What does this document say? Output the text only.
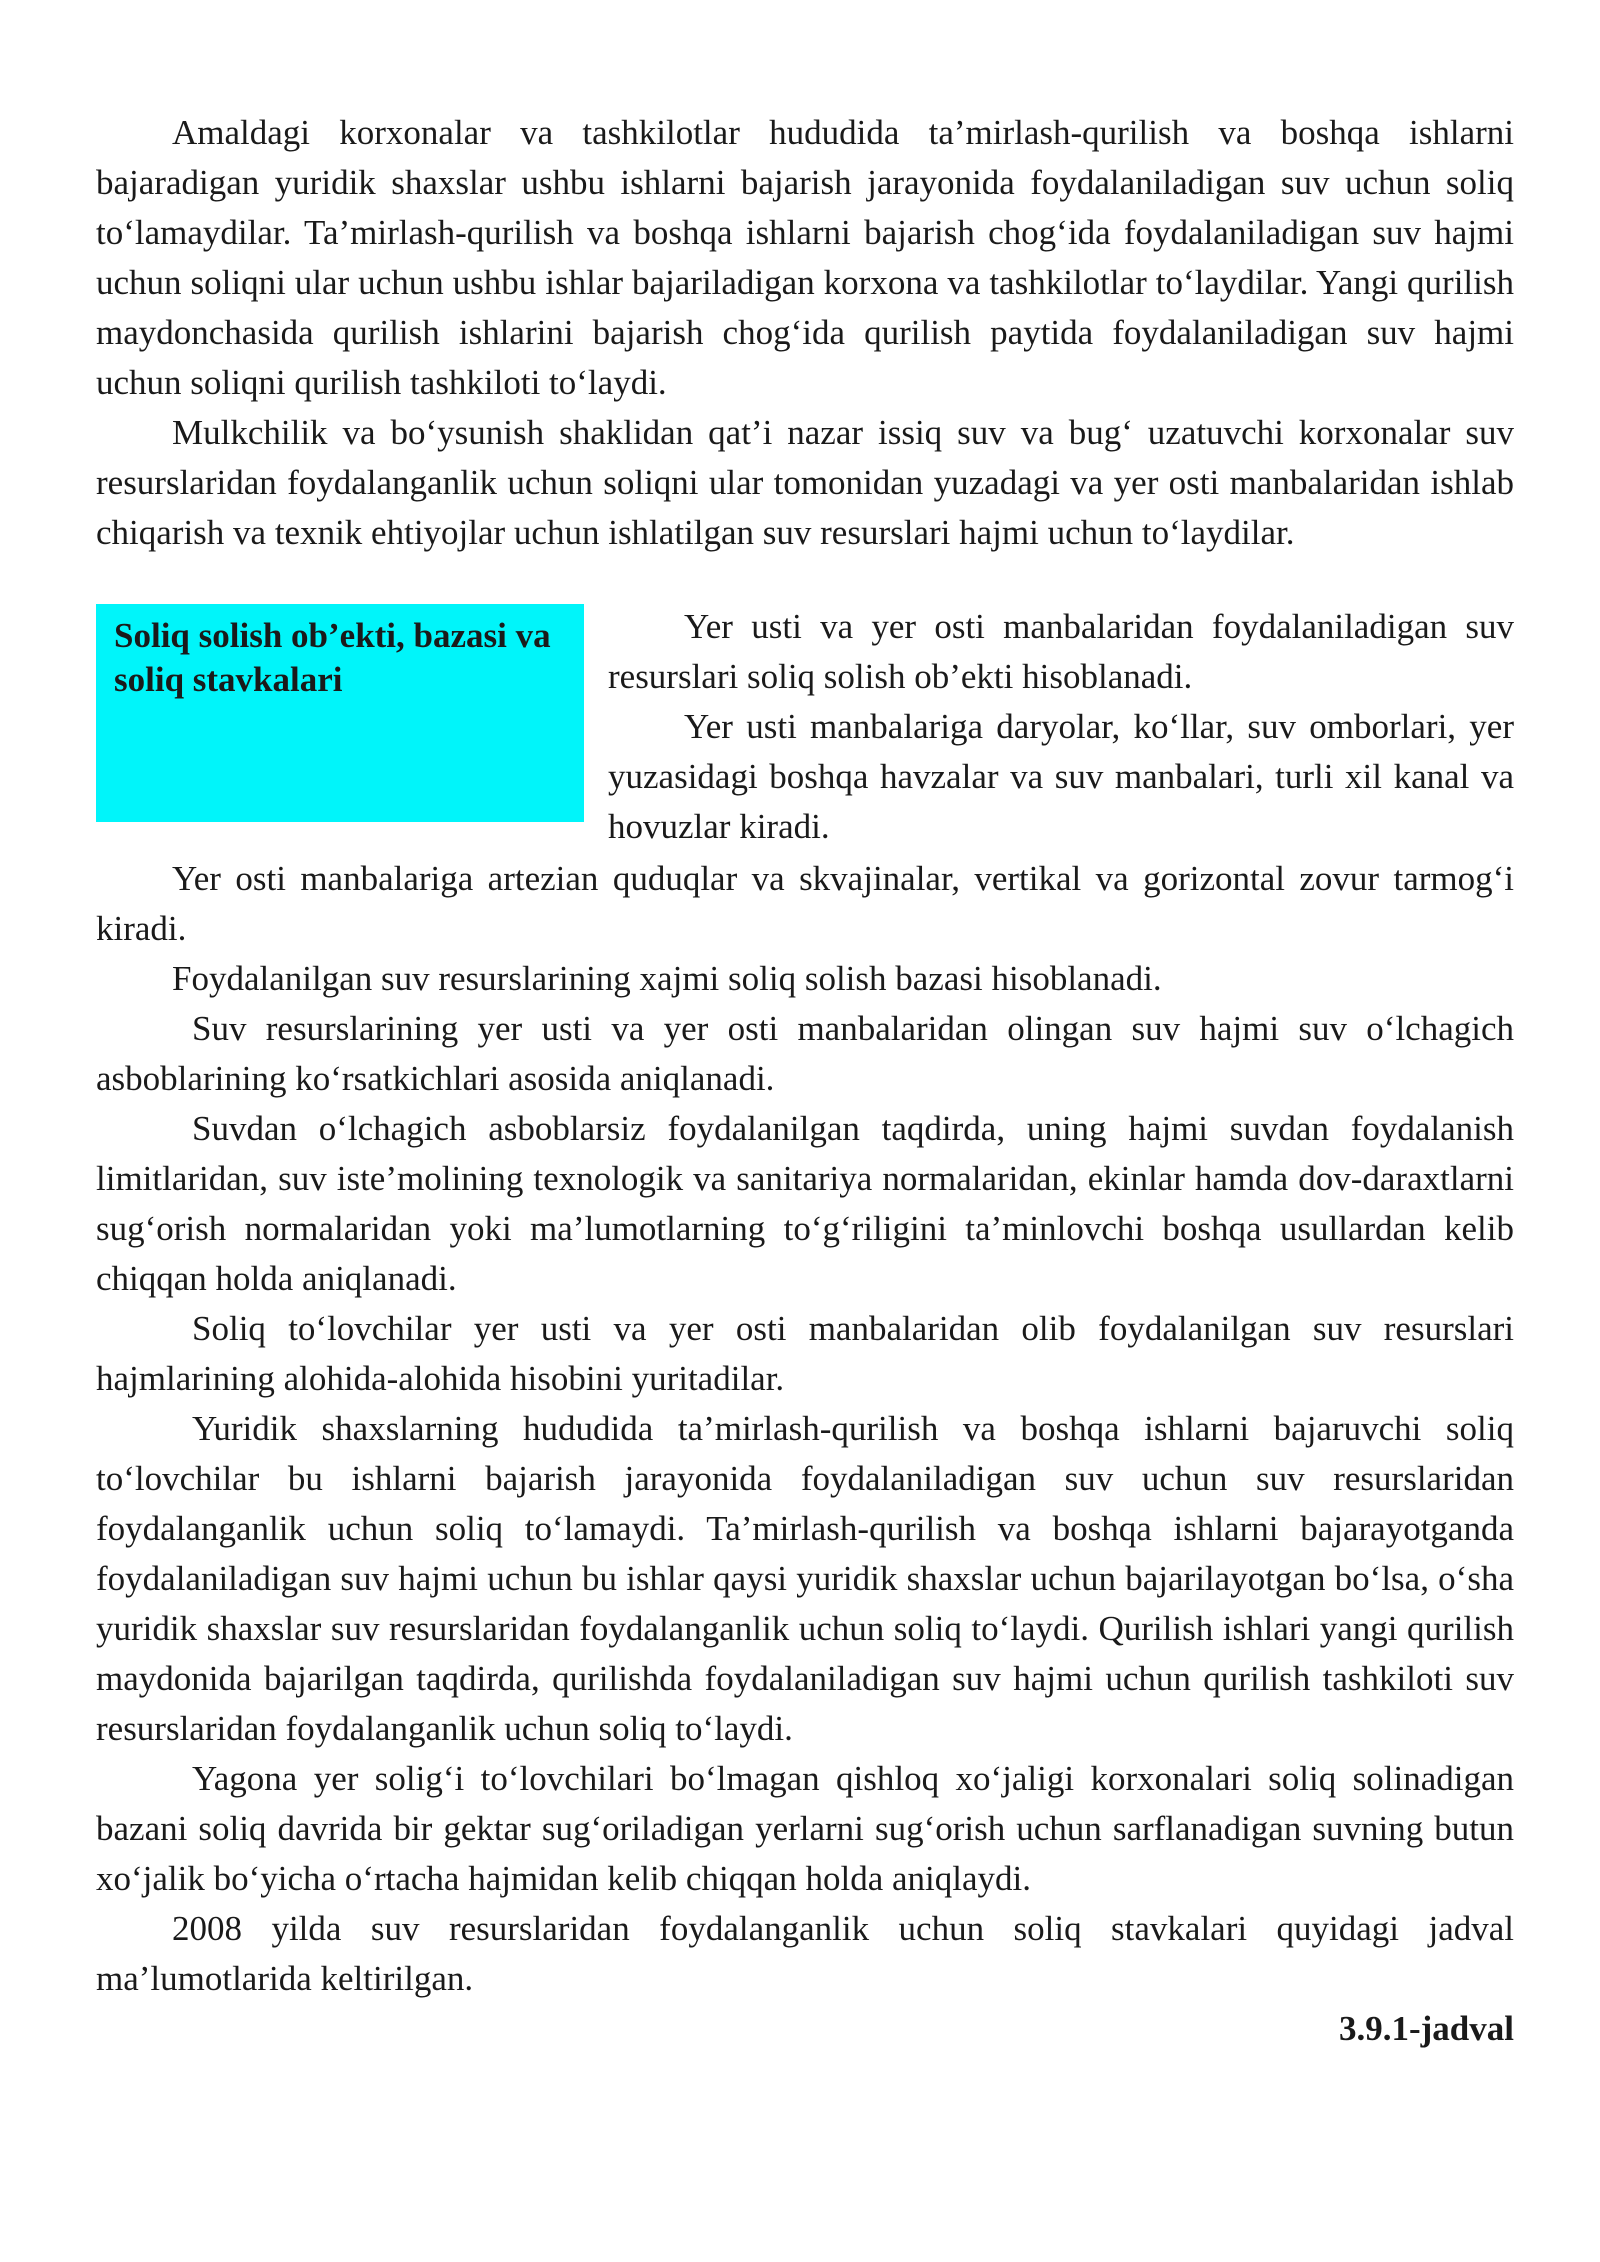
Amaldagi korxonalar va tashkilotlar hududida ta’mirlash-qurilish va boshqa ishlarni bajaradigan yuridik shaxslar ushbu ishlarni bajarish jarayonida foydalaniladigan suv uchun soliq to‘lamaydilar. Ta’mirlash-qurilish va boshqa ishlarni bajarish chog‘ida foydalaniladigan suv hajmi uchun soliqni ular uchun ushbu ishlar bajariladigan korxona va tashkilotlar to‘laydilar. Yangi qurilish maydonchasida qurilish ishlarini bajarish chog‘ida qurilish paytida foydalaniladigan suv hajmi uchun soliqni qurilish tashkiloti to‘laydi.

Mulkchilik va bo‘ysunish shaklidan qat’i nazar issiq suv va bug‘ uzatuvchi korxonalar suv resurslaridan foydalanganlik uchun soliqni ular tomonidan yuzadagi va yer osti manbalaridan ishlab chiqarish va texnik ehtiyojlar uchun ishlatilgan suv resurslari hajmi uchun to‘laydilar.

Soliq solish ob’ekti, bazasi va soliq stavkalari

Yer usti va yer osti manbalaridan foydalaniladigan suv resurslari soliq solish ob’ekti hisoblanadi.

Yer usti manbalariga daryolar, ko‘llar, suv omborlari, yer yuzasidagi boshqa havzalar va suv manbalari, turli xil kanal va hovuzlar kiradi.

Yer osti manbalariga artezian quduqlar va skvajinalar, vertikal va gorizontal zovur tarmog‘i kiradi.

Foydalanilgan suv resurslarining xajmi soliq solish bazasi hisoblanadi.

Suv resurslarining yer usti va yer osti manbalaridan olingan suv hajmi suv o‘lchagich asboblarining ko‘rsatkichlari asosida aniqlanadi.

Suvdan o‘lchagich asboblarsiz foydalanilgan taqdirda, uning hajmi suvdan foydalanish limitlaridan, suv iste’molining texnologik va sanitariya normalaridan, ekinlar hamda dov-daraxtlarni sug‘orish normalaridan yoki ma’lumotlarning to‘g‘riligini ta’minlovchi boshqa usullardan kelib chiqqan holda aniqlanadi.

Soliq to‘lovchilar yer usti va yer osti manbalaridan olib foydalanilgan suv resurslari hajmlarining alohida-alohida hisobini yuritadilar.

Yuridik shaxslarning hududida ta’mirlash-qurilish va boshqa ishlarni bajaruvchi soliq to‘lovchilar bu ishlarni bajarish jarayonida foydalaniladigan suv uchun suv resurslaridan foydalanganlik uchun soliq to‘lamaydi. Ta’mirlash-qurilish va boshqa ishlarni bajarayotganda foydalaniladigan suv hajmi uchun bu ishlar qaysi yuridik shaxslar uchun bajarilayotgan bo‘lsa, o‘sha yuridik shaxslar suv resurslaridan foydalanganlik uchun soliq to‘laydi. Qurilish ishlari yangi qurilish maydonida bajarilgan taqdirda, qurilishda foydalaniladigan suv hajmi uchun qurilish tashkiloti suv resurslaridan foydalanganlik uchun soliq to‘laydi.

Yagona yer solig‘i to‘lovchilari bo‘lmagan qishloq xo‘jaligi korxonalari soliq solinadigan bazani soliq davrida bir gektar sug‘oriladigan yerlarni sug‘orish uchun sarflanadigan suvning butun xo‘jalik bo‘yicha o‘rtacha hajmidan kelib chiqqan holda aniqlaydi.

2008 yilda suv resurslaridan foydalanganlik uchun soliq stavkalari quyidagi jadval ma’lumotlarida keltirilgan.

3.9.1-jadval
